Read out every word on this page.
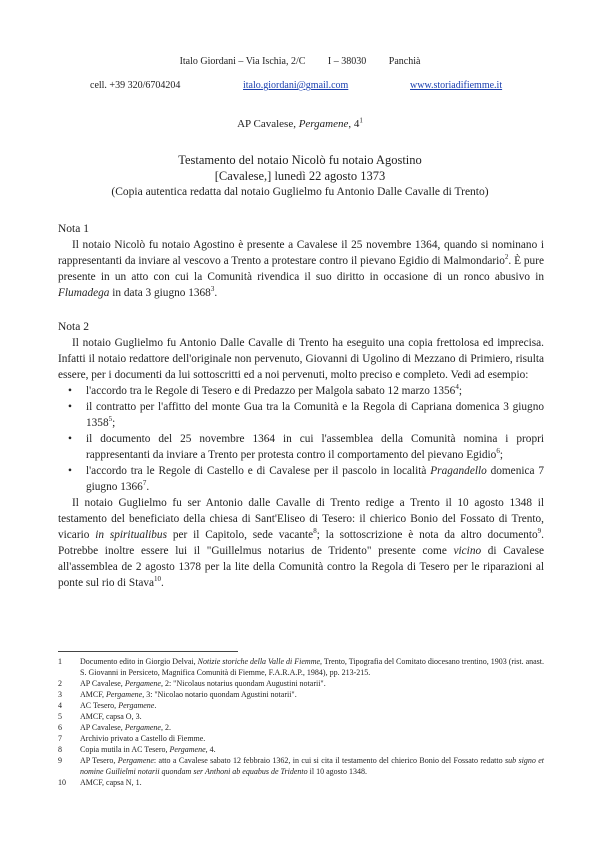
Italo Giordani – Via Ischia, 2/C I – 38030 Panchià
cell. +39 320/6704204	italo.giordani@gmail.com	www.storiadifiemme.it
AP Cavalese, Pergamene, $4^1$
Testamento del notaio Nicolò fu notaio Agostino
[Cavalese,] lunedì 22 agosto 1373
(Copia autentica redatta dal notaio Guglielmo fu Antonio Dalle Cavalle di Trento)

Nota 1

Il notaio Nicolò fu notaio Agostino è presente a Cavalese il 25 novembre 1364, quando si nominano i rappresentanti da inviare al vescovo a Trento a protestare contro il pievano Egidio di Malmondario$^2$. È pure presente in un atto con cui la Comunità rivendica il suo diritto in occasione di un ronco abusivo in Flumadega in data 3 giugno 1368$^3$.

Nota 2

Il notaio Guglielmo fu Antonio Dalle Cavalle di Trento ha eseguito una copia frettolosa ed imprecisa. Infatti il notaio redattore dell'originale non pervenuto, Giovanni di Ugolino di Mezzano di Primiero, risulta essere, per i documenti da lui sottoscritti ed a noi pervenuti, molto preciso e completo. Vedi ad esempio:

• l'accordo tra le Regole di Tesero e di Predazzo per Malgola sabato 12 marzo 1356$^4$;
• il contratto per l'affitto del monte Gua tra la Comunità e la Regola di Capriana domenica 3 giugno 1358$^5$;
• il documento del 25 novembre 1364 in cui l'assemblea della Comunità nomina i propri rappresentanti da inviare a Trento per protesta contro il comportamento del pievano Egidio$^6$;
• l'accordo tra le Regole di Castello e di Cavalese per il pascolo in località Pragandello domenica 7 giugno 1366$^7$.

Il notaio Guglielmo fu ser Antonio dalle Cavalle di Trento redige a Trento il 10 agosto 1348 il testamento del beneficiato della chiesa di Sant'Eliseo di Tesero: il chierico Bonio del Fossato di Trento, vicario in spiritualibus per il Capitolo, sede vacante$^8$; la sottoscrizione è nota da altro documento$^9$. Potrebbe inoltre essere lui il "Guillelmus notarius de Tridento" presente come vicino di Cavalese all'assemblea de 2 agosto 1378 per la lite della Comunità contro la Regola di Tesero per le riparazioni al ponte sul rio di Stava$^{10}$.

1	Documento edito in Giorgio Delvai, Notizie storiche della Valle di Fiemme, Trento, Tipografia del Comitato diocesano trentino, 1903 (rist. anast. S. Giovanni in Persiceto, Magnifica Comunità di Fiemme, F.A.R.A.P., 1984), pp. 213-215.
2	AP Cavalese, Pergamene, 2: "Nicolaus notarius quondam Augustini notarii".
3	AMCF, Pergamene, 3: "Nicolao notario quondam Agustini notarii".
4	AC Tesero, Pergamene.
5	AMCF, capsa O, 3.
6	AP Cavalese, Pergamene, 2.
7	Archivio privato a Castello di Fiemme.
8	Copia mutila in AC Tesero, Pergamene, 4.
9	AP Tesero, Pergamene: atto a Cavalese sabato 12 febbraio 1362, in cui si cita il testamento del chierico Bonio del Fossato redatto sub signo et nomine Guilielmi notarii quondam ser Anthoni ab equabus de Tridento il 10 agosto 1348.
10	AMCF, capsa N, 1.
